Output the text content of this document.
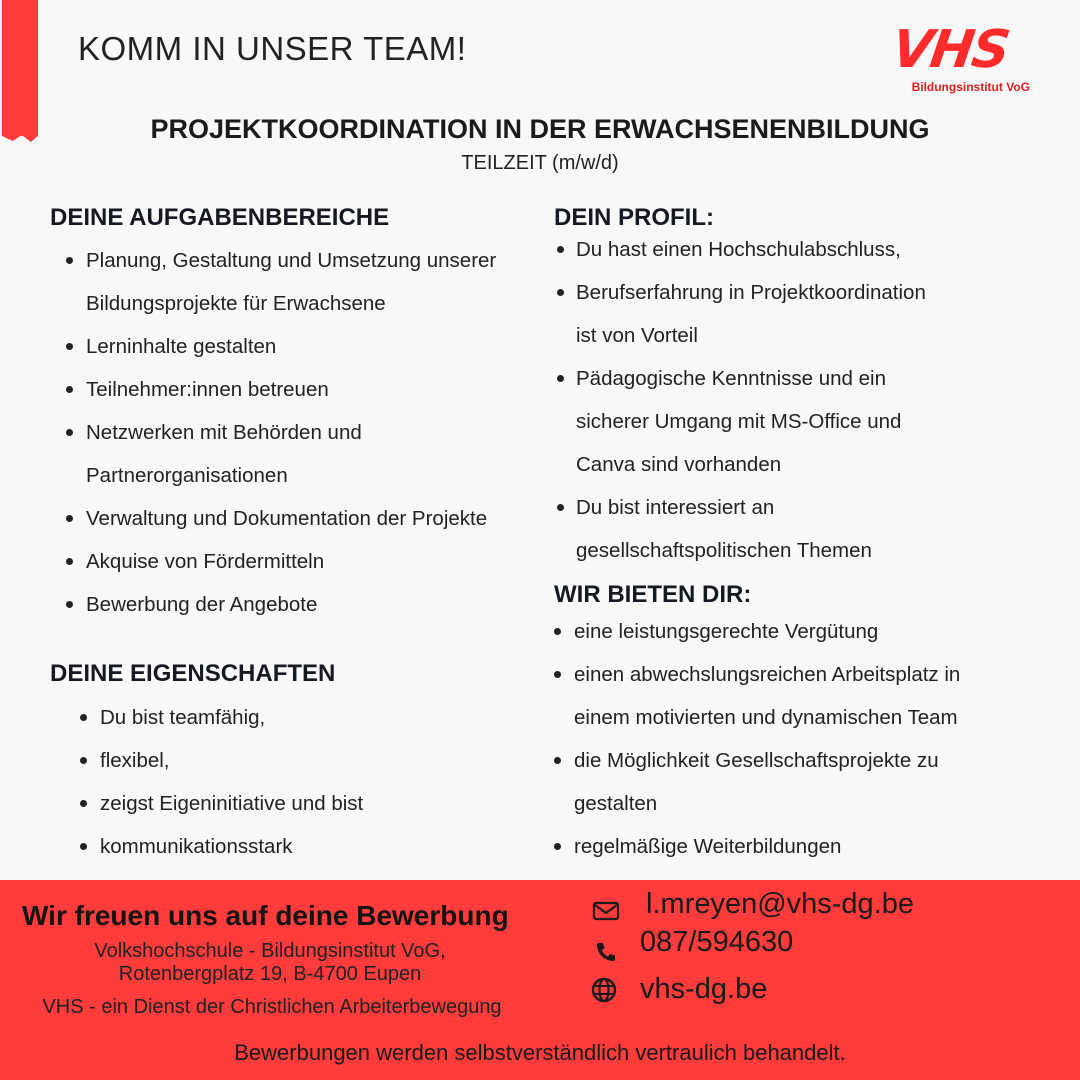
KOMM IN UNSER TEAM!	VHS
Bildungsinstitut VoG
PROJEKTKOORDINATION IN DER ERWACHSENENBILDUNG
TEILZEIT (m/w/d)
DEINE AUFGABENBEREICHE
Planung, Gestaltung und Umsetzung unserer
Bildungsprojekte für Erwachsene
Lerninhalte gestalten
Teilnehmer:innen betreuen
Netzwerken mit Behörden und
Partnerorganisationen
Verwaltung und Dokumentation der Projekte
Akquise von Fördermitteln
Bewerbung der Angebote
DEINE EIGENSCHAFTEN
Du bist teamfähig,
flexibel,
zeigst Eigeninitiative und bist
kommunikationsstark
DEIN PROFIL:
Du hast einen Hochschulabschluss,
Berufserfahrung in Projektkoordination
ist von Vorteil
Pädagogische Kenntnisse und ein
sicherer Umgang mit MS-Office und
Canva sind vorhanden
Du bist interessiert an
gesellschaftspolitischen Themen
WIR BIETEN DIR:
eine leistungsgerechte Vergütung
einen abwechslungsreichen Arbeitsplatz in
einem motivierten und dynamischen Team
die Möglichkeit Gesellschaftsprojekte zu
gestalten
regelmäßige Weiterbildungen
Wir freuen uns auf deine Bewerbung
Volkshochschule - Bildungsinstitut VoG,
Rotenbergplatz 19, B-4700 Eupen
VHS - ein Dienst der Christlichen Arbeiterbewegung
l.mreyen@vhs-dg.be
087/594630
vhs-dg.be
Bewerbungen werden selbstverständlich vertraulich behandelt.
